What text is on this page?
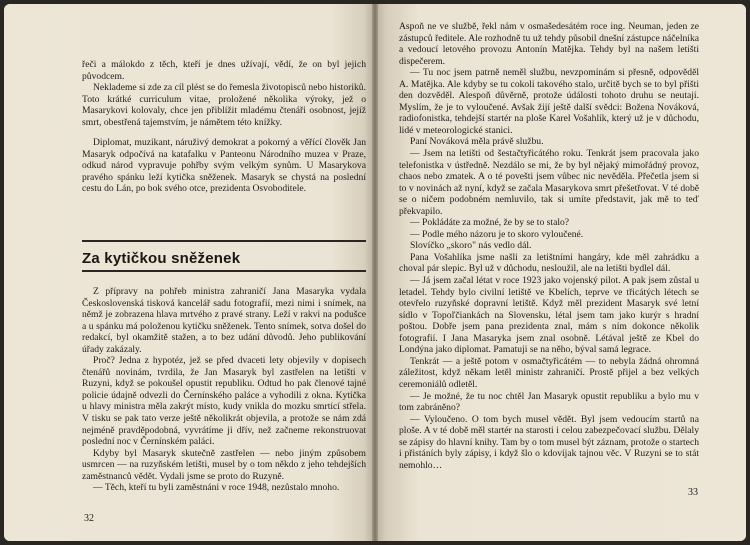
řeči a málokdo z těch, kteří je dnes užívají, vědí, že on byl jejich původcem.

Neklademe si zde za cíl plést se do řemesla životopisců nebo historiků. Toto krátké curriculum vitae, proložené několika výroky, jež o Masarykovi kolovaly, chce jen přiblížit mladému čtenáři osobnost, jejíž smrt, obestřená tajemstvím, je námětem této knížky.

Diplomat, muzikant, náruživý demokrat a pokorný a věřící člověk Jan Masaryk odpočívá na katafalku v Panteonu Národního muzea v Praze, odkud národ vypravuje pohřby svým velkým synům. U Masarykova pravého spánku leží kytička sněženek. Masaryk se chystá na poslední cestu do Lán, po bok svého otce, prezidenta Osvoboditele.

Za kytičkou sněženek

Z přípravy na pohřeb ministra zahraničí Jana Masaryka vydala Československá tisková kancelář sadu fotografií, mezi nimi i snímek, na němž je zobrazena hlava mrtvého z pravé strany. Leží v rakvi na podušce a u spánku má položenou kytičku sněženek. Tento snímek, sotva došel do redakcí, byl okamžitě stažen, a to bez udání důvodů. Jeho publikování úřady zakázaly.

Proč? Jedna z hypotéz, jež se před dvaceti lety objevily v dopisech čtenářů novinám, tvrdila, že Jan Masaryk byl zastřelen na letišti v Ruzyni, když se pokoušel opustit republiku. Odtud ho pak členové tajné policie údajně odvezli do Černínského paláce a vyhodili z okna. Kytička u hlavy ministra měla zakrýt místo, kudy vnikla do mozku smrtící střela. V tisku se pak tato verze ještě několikrát objevila, a protože se nám zdá nejméně pravděpodobná, vyvrátíme ji dřív, než začneme rekonstruovat poslední noc v Černínském paláci.

Kdyby byl Masaryk skutečně zastřelen — nebo jiným způsobem usmrcen — na ruzyňském letišti, musel by o tom někdo z jeho tehdejších zaměstnanců vědět. Vydali jsme se proto do Ruzyně.

— Těch, kteří tu byli zaměstnáni v roce 1948, nezůstalo mnoho.

32

Aspoň ne ve službě, řekl nám v osmašedesátém roce ing. Neuman, jeden ze zástupců ředitele. Ale rozhodně tu už tehdy působil dnešní zástupce náčelníka a vedoucí letového provozu Antonín Matějka. Tehdy byl na našem letišti dispečerem.

— Tu noc jsem patrně neměl službu, nevzpomínám si přesně, odpověděl A. Matějka. Ale kdyby se tu cokoli takového stalo, určitě bych se to byl přišti den dozvěděl. Alespoň důvěrně, protože údálosti tohoto druhu se neutají. Myslím, že je to vyloučené. Avšak žijí ještě další svědci: Božena Nováková, radiofonistka, tehdejší startér na ploše Karel Vošahlík, který už je v důchodu, lidé v meteorologické stanici.

Paní Nováková měla právě službu.

— Jsem na letišti od šestačtyřicátého roku. Tenkrát jsem pracovala jako telefonistka v ústředně. Nezdálo se mi, že by byl nějaký mimořádný provoz, chaos nebo zmatek. A o té povešti jsem vůbec nic nevěděla. Přečetla jsem si to v novinách až nyní, když se začala Masarykova smrt přešetřovat. V té době se o ničem podobném nemluvilo, tak si umíte představit, jak mě to teď překvapilo.

— Pokládáte za možné, že by se to stalo?

— Podle mého názoru je to skoro vyloučené.

Slovíčko „skoro" nás vedlo dál.

Pana Vošahlíka jsme našli za letištními hangáry, kde měl zahrádku a choval pár slepic. Byl už v důchodu, nesloužil, ale na letišti bydlel dál.

— Já jsem začal létat v roce 1923 jako vojenský pilot. A pak jsem zůstal u letadel. Tehdy bylo civilní letiště ve Kbelích, teprve ve třicátých létech se otevřelo ruzyňské dopravní letiště. Když měl prezident Masaryk své letní sídlo v Topoľčiankách na Slovensku, létal jsem tam jako kurýr s hradní poštou. Dobře jsem pana prezidenta znal, mám s ním dokonce několik fotografií. I Jana Masaryka jsem znal osobně. Létával ještě ze Kbel do Londýna jako diplomat. Pamatuji se na něho, býval samá legrace.

Tenkrát — a ještě potom v osmačtyřicátém — to nebyla žádná ohromná záležitost, když někam letěl ministr zahraničí. Prostě přijel a bez velkých ceremoniálů odletěl.

— Je možné, že tu noc chtěl Jan Masaryk opustit republiku a bylo mu v tom zabráněno?

— Vyloučeno. O tom bych musel vědět. Byl jsem vedoucím startů na ploše. A v té době měl startér na starosti i celou zabezpečovací službu. Dělaly se zápisy do hlavní knihy. Tam by o tom musel být záznam, protože o startech i přistáních byly zápisy, i když šlo o kdovíjak tajnou věc. V Ruzyni se to stát nemohlo…

33
